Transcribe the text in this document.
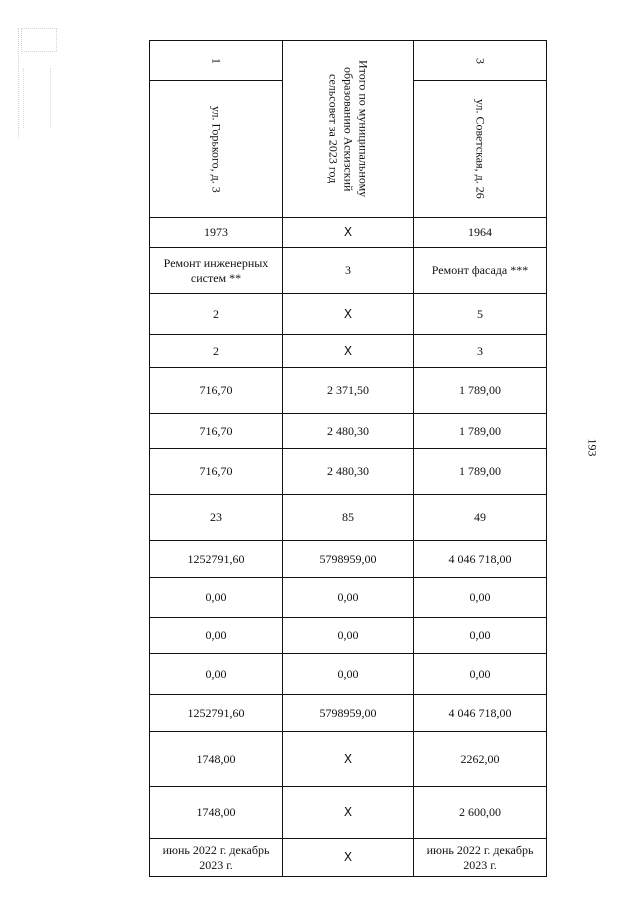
193
1	Итого по муниципальному образованию Аскизский сельсовет за 2023 год	3

ул. Горького, д. 3		ул. Советская, д. 26

1973	Х	1964
Ремонт инженерных систем **	3	Ремонт фасада ***
2	Х	5
2	Х	3
716,70	2 371,50	1 789,00
716,70	2 480,30	1 789,00
716,70	2 480,30	1 789,00
23	85	49
1252791,60	5798959,00	4 046 718,00
0,00	0,00	0,00
0,00	0,00	0,00
0,00	0,00	0,00
1252791,60	5798959,00	4 046 718,00
1748,00	Х	2262,00
1748,00	Х	2 600,00
июнь 2022 г. декабрь 2023 г.	Х	июнь 2022 г. декабрь 2023 г.
